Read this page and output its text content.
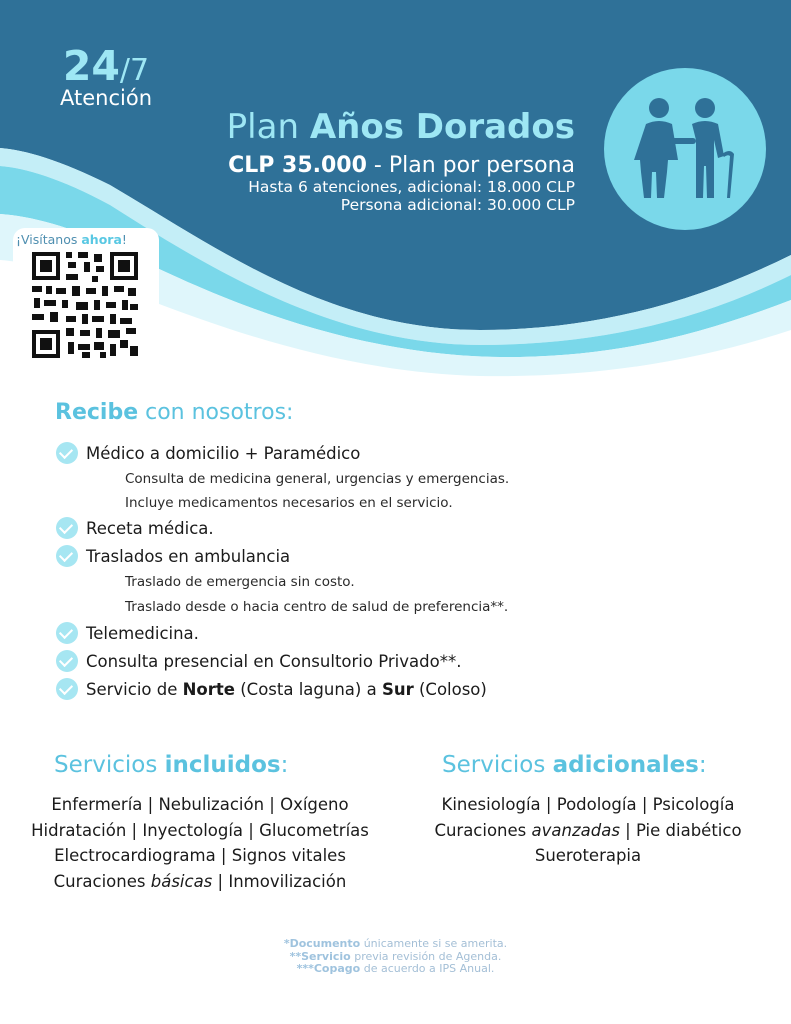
24/7
Atención
Plan Años Dorados
CLP 35.000 - Plan por persona
Hasta 6 atenciones, adicional: 18.000 CLP
Persona adicional: 30.000 CLP
¡Visítanos ahora!
Recibe con nosotros:
Médico a domicilio + Paramédico
Consulta de medicina general, urgencias y emergencias.
Incluye medicamentos necesarios en el servicio.
Receta médica.
Traslados en ambulancia
Traslado de emergencia sin costo.
Traslado desde o hacia centro de salud de preferencia**.
Telemedicina.
Consulta presencial en Consultorio Privado**.
Servicio de Norte (Costa laguna) a Sur (Coloso)
Servicios incluidos:
Enfermería | Nebulización | Oxígeno
Hidratación | Inyectología | Glucometrías
Electrocardiograma | Signos vitales
Curaciones básicas | Inmovilización
Servicios adicionales:
Kinesiología | Podología | Psicología
Curaciones avanzadas | Pie diabético
Sueroterapia
*Documento únicamente si se amerita.
**Servicio previa revisión de Agenda.
***Copago de acuerdo a IPS Anual.
